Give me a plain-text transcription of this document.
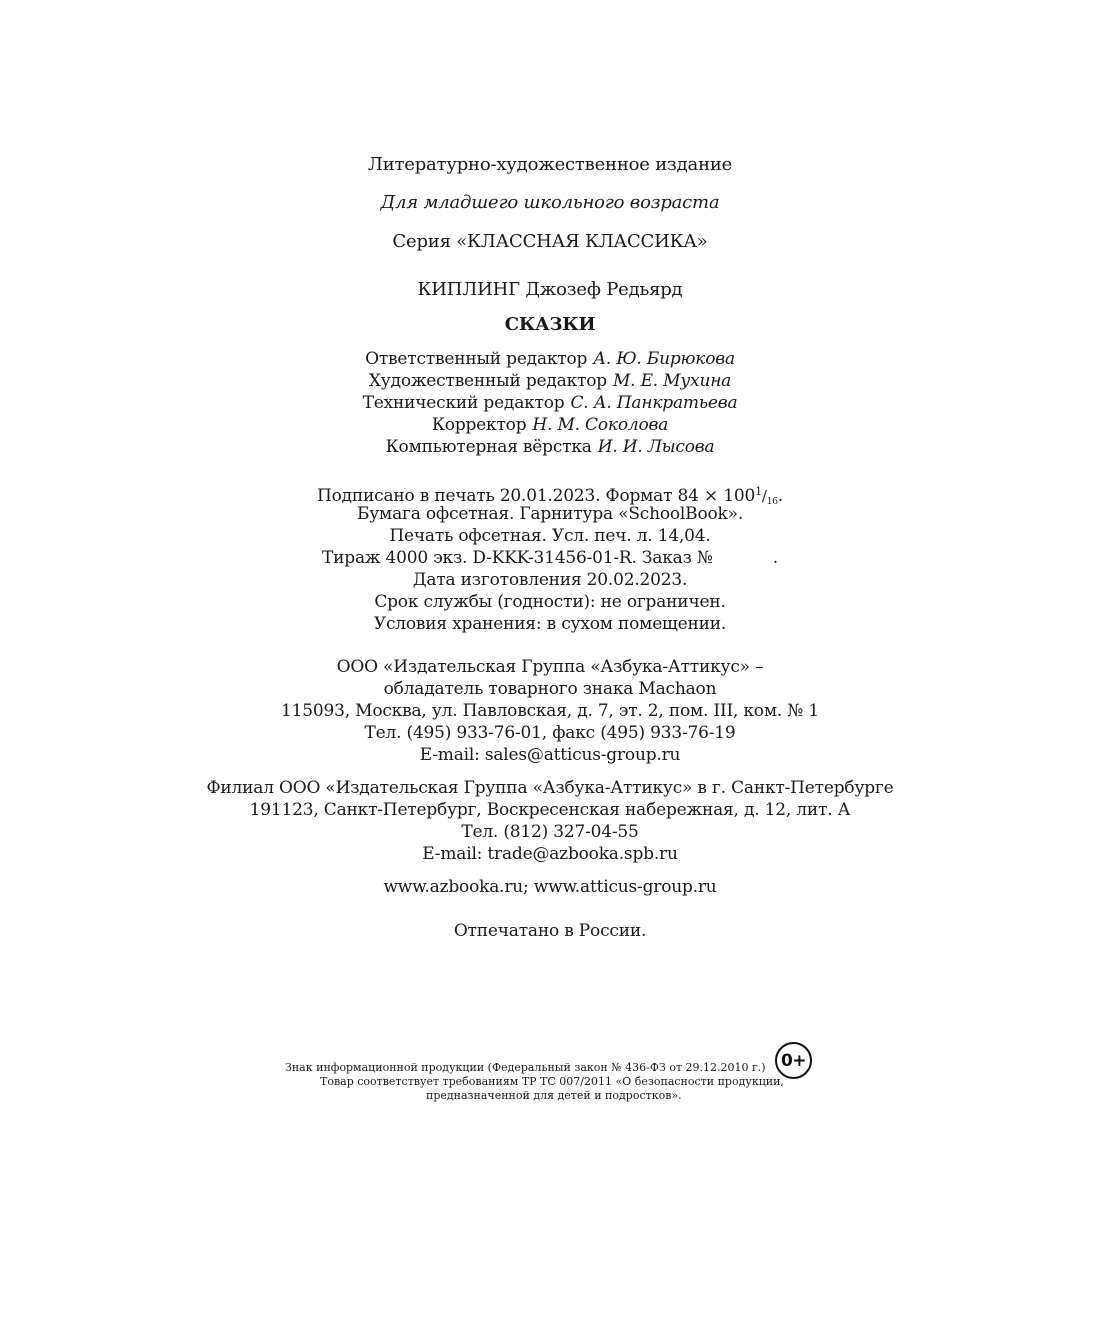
Литературно-художественное издание
Для младшего школьного возраста
Серия «КЛАССНАЯ КЛАССИКА»
КИПЛИНГ Джозеф Редьярд
СКАЗКИ
Ответственный редактор А. Ю. Бирюкова
Художественный редактор М. Е. Мухина
Технический редактор С. А. Панкратьева
Корректор Н. М. Соколова
Компьютерная вёрстка И. И. Лысова
Подписано в печать 20.01.2023. Формат $84 \times 100^1/16$.
Бумага офсетная. Гарнитура «SchoolBook».
Печать офсетная. Усл. печ. л. 14,04.
Тираж 4000 экз. D-KKK-31456-01-R. Заказ №	.
Дата изготовления 20.02.2023.
Срок службы (годности): не ограничен.
Условия хранения: в сухом помещении.
ООО «Издательская Группа «Азбука-Аттикус» –
обладатель товарного знака Machaon
115093, Москва, ул. Павловская, д. 7, эт. 2, пом. III, ком. № 1
Тел. (495) 933-76-01, факс (495) 933-76-19
E-mail: sales@atticus-group.ru
Филиал ООО «Издательская Группа «Азбука-Аттикус» в г. Санкт-Петербурге
191123, Санкт-Петербург, Воскресенская набережная, д. 12, лит. А
Тел. (812) 327-04-55
E-mail: trade@azbooka.spb.ru
www.azbooka.ru; www.atticus-group.ru
Отпечатано в России.
Знак информационной продукции (Федеральный закон № 436-ФЗ от 29.12.2010 г.)
Товар соответствует требованиям ТР ТС 007/2011 «О безопасности продукции,
предназначенной для детей и подростков».
0+
